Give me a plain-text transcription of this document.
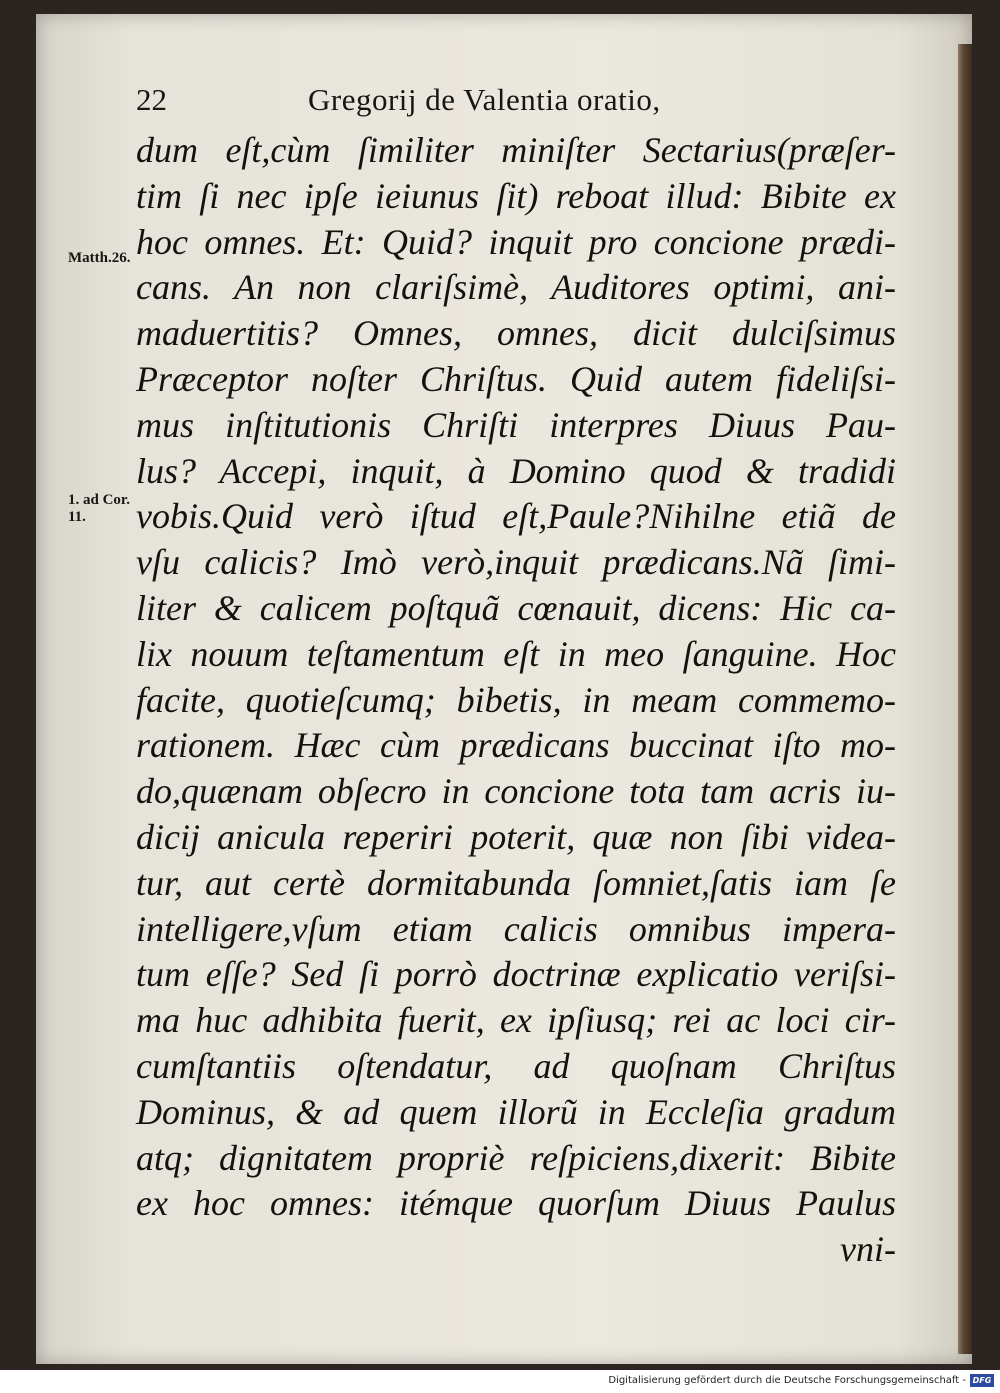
22	Gregorij de Valentia oratio,
Matth.26.
1. ad Cor.
11.
dum eſt,cùm ſimiliter miniſter Sectarius(præſer-
tim ſi nec ipſe ieiunus ſit) reboat illud: Bibite ex
hoc omnes. Et: Quid? inquit pro concione prædi-
cans. An non clariſsimè, Auditores optimi, ani-
maduertitis? Omnes, omnes, dicit dulciſsimus
Præceptor noſter Chriſtus. Quid autem fideliſsi-
mus inſtitutionis Chriſti interpres Diuus Pau-
lus? Accepi, inquit, à Domino quod & tradidi
vobis.Quid verò iſtud eſt,Paule?Nihilne etiã de
vſu calicis? Imò verò,inquit prædicans.Nã ſimi-
liter & calicem poſtquã cœnauit, dicens: Hic ca-
lix nouum teſtamentum eſt in meo ſanguine. Hoc
facite, quotieſcumq; bibetis, in meam commemo-
rationem. Hæc cùm prædicans buccinat iſto mo-
do,quænam obſecro in concione tota tam acris iu-
dicij anicula reperiri poterit, quæ non ſibi videa-
tur, aut certè dormitabunda ſomniet,ſatis iam ſe
intelligere,vſum etiam calicis omnibus impera-
tum eſſe? Sed ſi porrò doctrinæ explicatio veriſsi-
ma huc adhibita fuerit, ex ipſiusq; rei ac loci cir-
cumſtantiis oſtendatur, ad quoſnam Chriſtus
Dominus, & ad quem illorũ in Eccleſia gradum
atq; dignitatem propriè reſpiciens,dixerit: Bibite
ex hoc omnes: itémque quorſum Diuus Paulus
vni-
Digitalisierung gefördert durch die Deutsche Forschungsgemeinschaft - DFG
